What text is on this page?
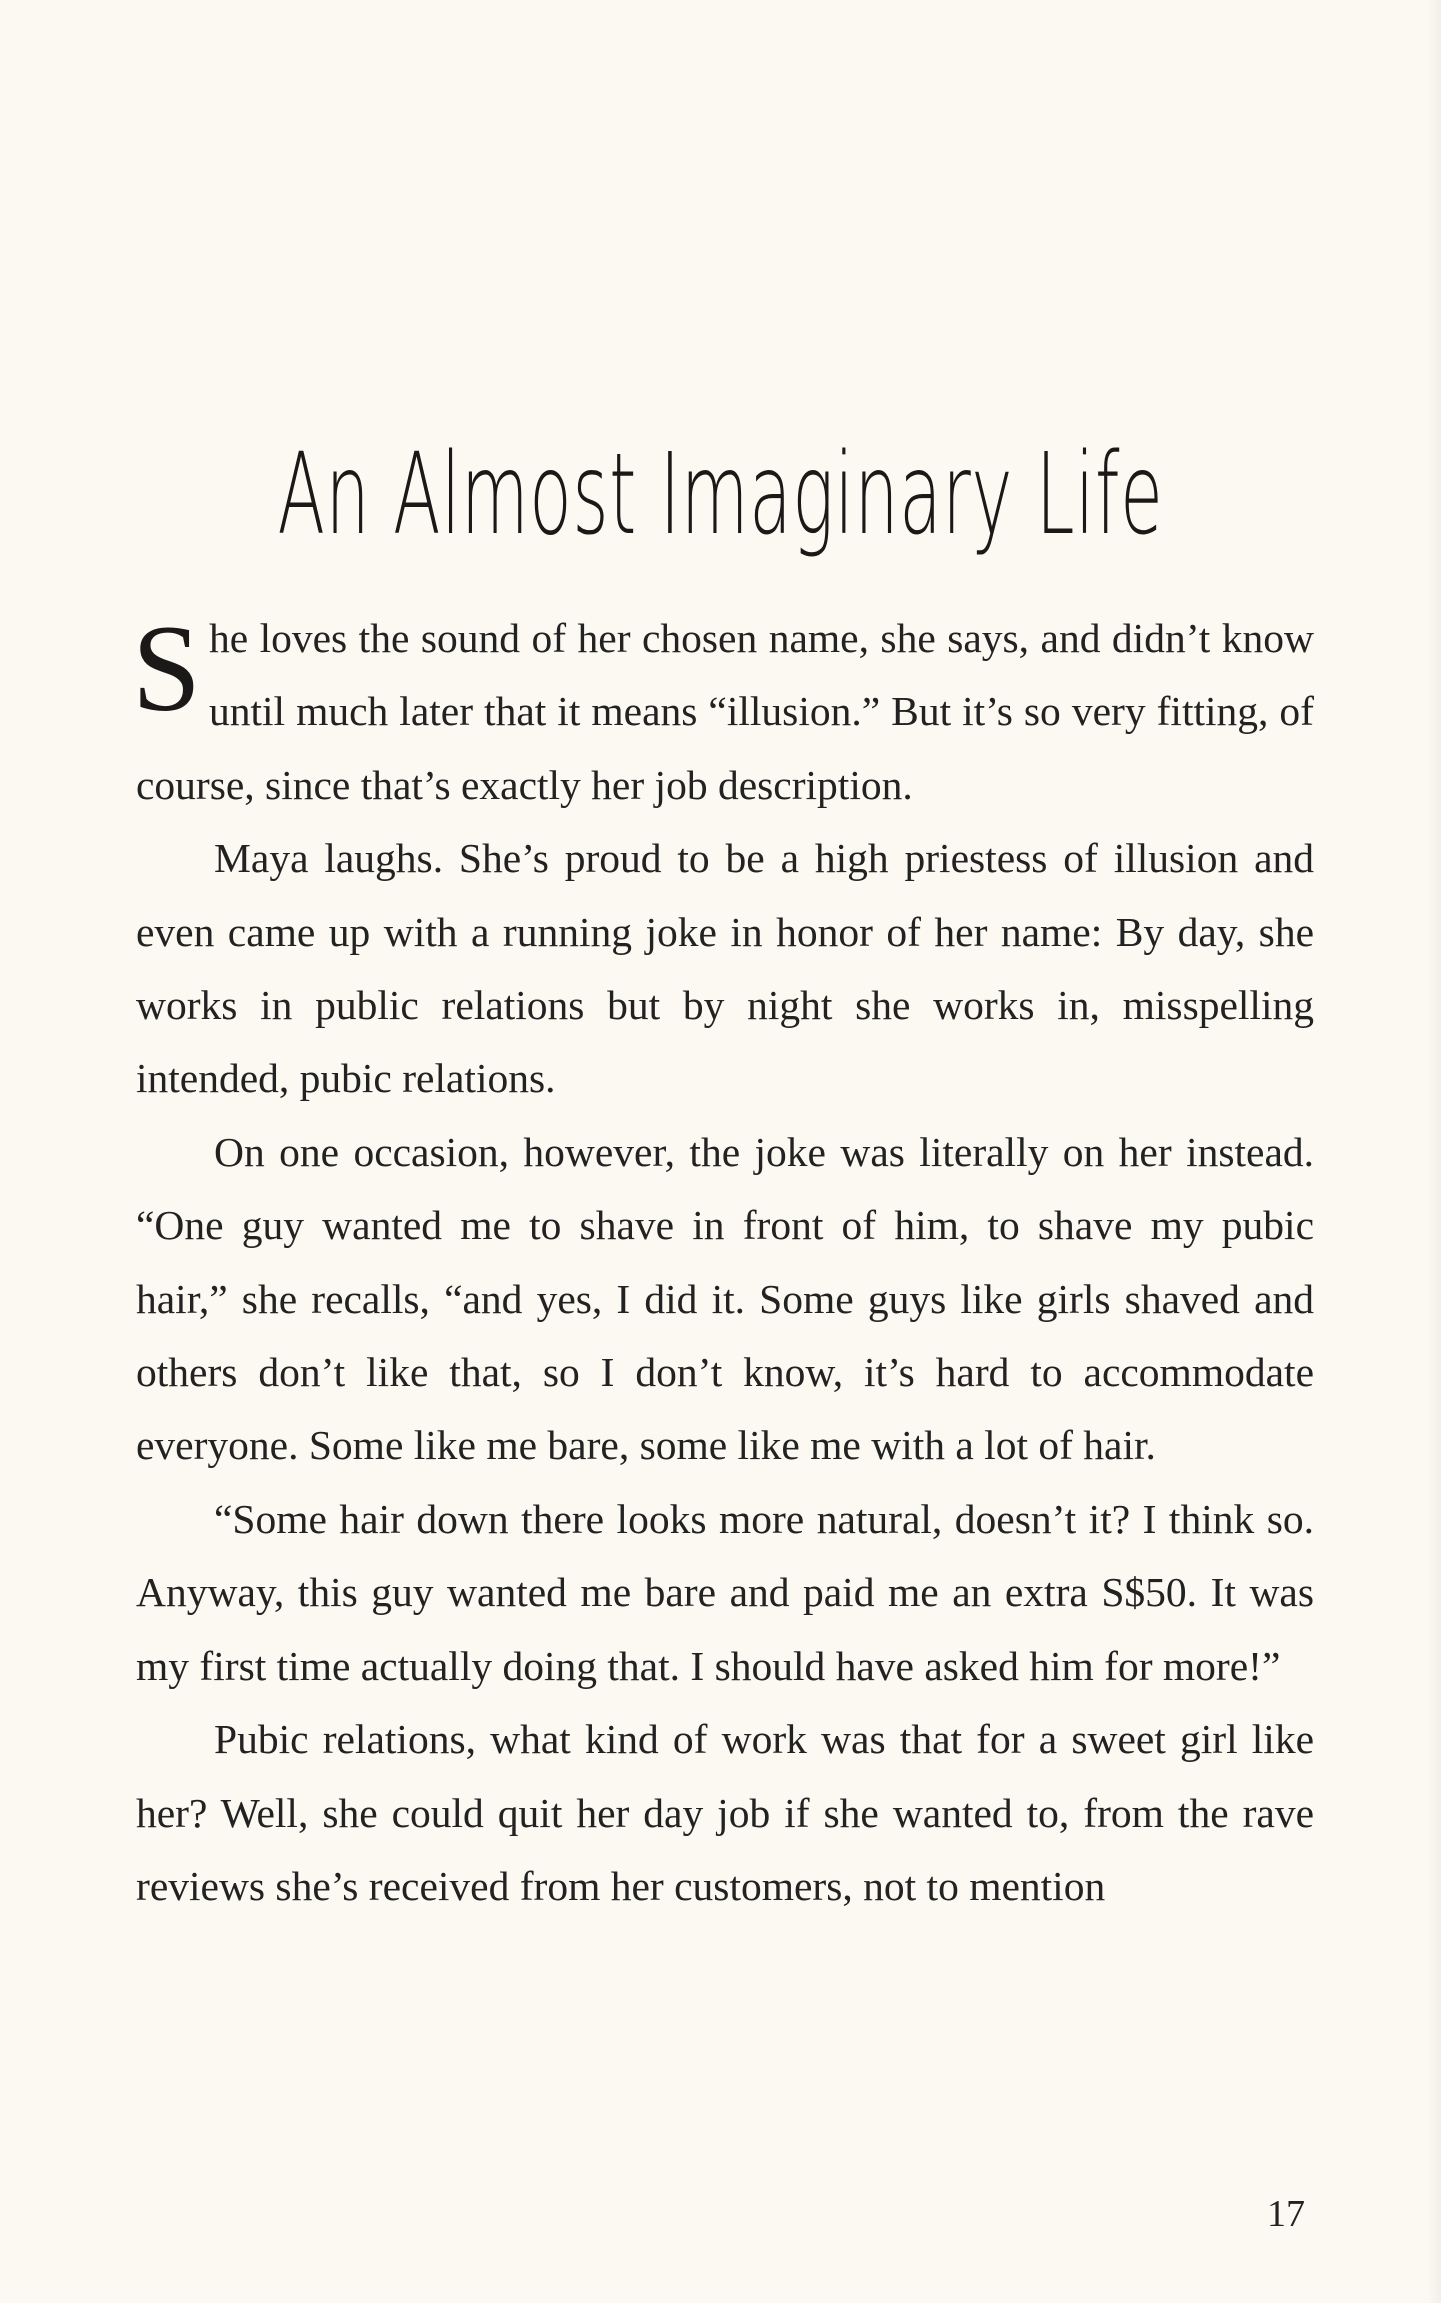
An Almost Imaginary Life

She loves the sound of her chosen name, she says, and didn’t know until much later that it means “illusion.” But it’s so very fitting, of course, since that’s exactly her job description.

Maya laughs. She’s proud to be a high priestess of illusion and even came up with a running joke in honor of her name: By day, she works in public relations but by night she works in, misspelling intended, pubic relations.

On one occasion, however, the joke was literally on her instead. “One guy wanted me to shave in front of him, to shave my pubic hair,” she recalls, “and yes, I did it. Some guys like girls shaved and others don’t like that, so I don’t know, it’s hard to accommodate everyone. Some like me bare, some like me with a lot of hair.

“Some hair down there looks more natural, doesn’t it? I think so. Anyway, this guy wanted me bare and paid me an extra S$50. It was my first time actually doing that. I should have asked him for more!”

Pubic relations, what kind of work was that for a sweet girl like her? Well, she could quit her day job if she wanted to, from the rave reviews she’s received from her customers, not to mention

17
